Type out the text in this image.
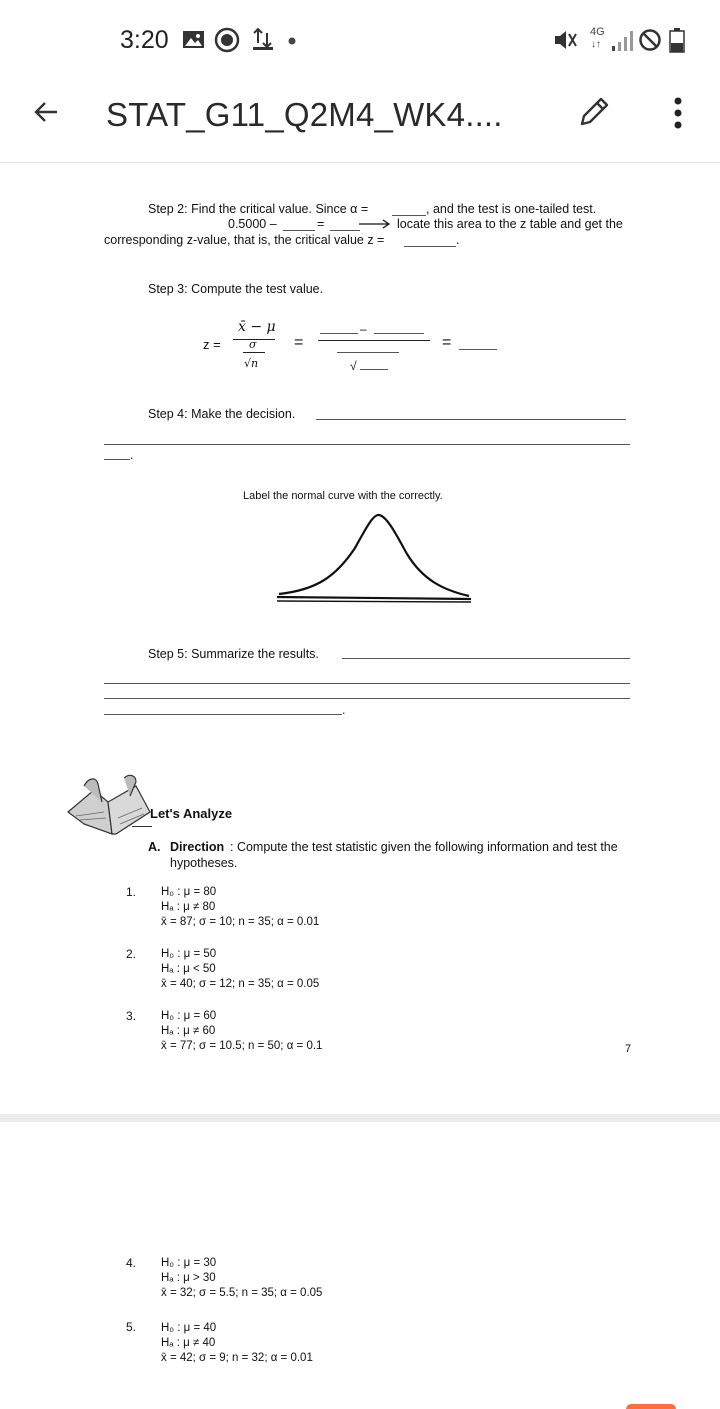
3:20	4G
↓↑
STAT_G11_Q2M4_WK4....
Step 2: Find the critical value. Since α =	, and the test is one-tailed test.
0.5000 –	=	locate this area to the z table and get the
corresponding z-value, that is, the critical value z =	.
Step 3: Compute the test value.
z =
x̄ − μ
σ
√n
=
–
√
=
Step 4: Make the decision.
.
Label the normal curve with the correctly.
Step 5: Summarize the results.
.
Let's Analyze
A. Direction : Compute the test statistic given the following information and test the
hypotheses.
1. H₀ : μ = 80
Hₐ : μ ≠ 80
x̄ = 87; σ = 10; n = 35; α = 0.01
2. H₀ : μ = 50
Hₐ : μ < 50
x̄ = 40; σ = 12; n = 35; α = 0.05
3. H₀ : μ = 60
Hₐ : μ ≠ 60
x̄ = 77; σ = 10.5; n = 50; α = 0.1	7
4. H₀ : μ = 30
Hₐ : μ > 30
x̄ = 32; σ = 5.5; n = 35; α = 0.05
5. H₀ : μ = 40
Hₐ : μ ≠ 40
x̄ = 42; σ = 9; n = 32; α = 0.01
